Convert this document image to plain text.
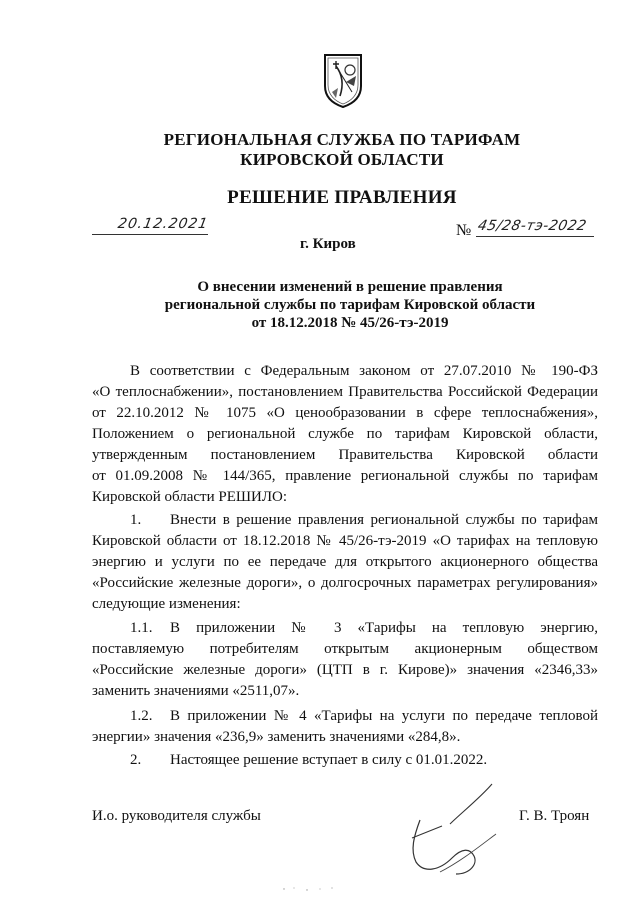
РЕГИОНАЛЬНАЯ СЛУЖБА ПО ТАРИФАМ
КИРОВСКОЙ ОБЛАСТИ
РЕШЕНИЕ ПРАВЛЕНИЯ
20.12.2021	№ 45/28-тэ-2022
г. Киров
О внесении изменений в решение правления
региональной службы по тарифам Кировской области
от 18.12.2018 № 45/26-тэ-2019
В соответствии с Федеральным законом от 27.07.2010 № 190-ФЗ
«О теплоснабжении», постановлением Правительства Российской Федерации
от 22.10.2012 № 1075 «О ценообразовании в сфере теплоснабжения»,
Положением о региональной службе по тарифам Кировской области,
утвержденным постановлением Правительства Кировской области
от 01.09.2008 № 144/365, правление региональной службы по тарифам
Кировской области РЕШИЛО:
1. Внести в решение правления региональной службы по тарифам
Кировской области от 18.12.2018 № 45/26-тэ-2019 «О тарифах на тепловую
энергию и услуги по ее передаче для открытого акционерного общества
«Российские железные дороги», о долгосрочных параметрах регулирования»
следующие изменения:
1.1. В приложении № 3 «Тарифы на тепловую энергию,
поставляемую потребителям открытым акционерным обществом
«Российские железные дороги» (ЦТП в г. Кирове)» значения «2346,33»
заменить значениями «2511,07».
1.2. В приложении № 4 «Тарифы на услуги по передаче тепловой
энергии» значения «236,9» заменить значениями «284,8».
2. Настоящее решение вступает в силу с 01.01.2022.
И.о. руководителя службы	Г. В. Троян
